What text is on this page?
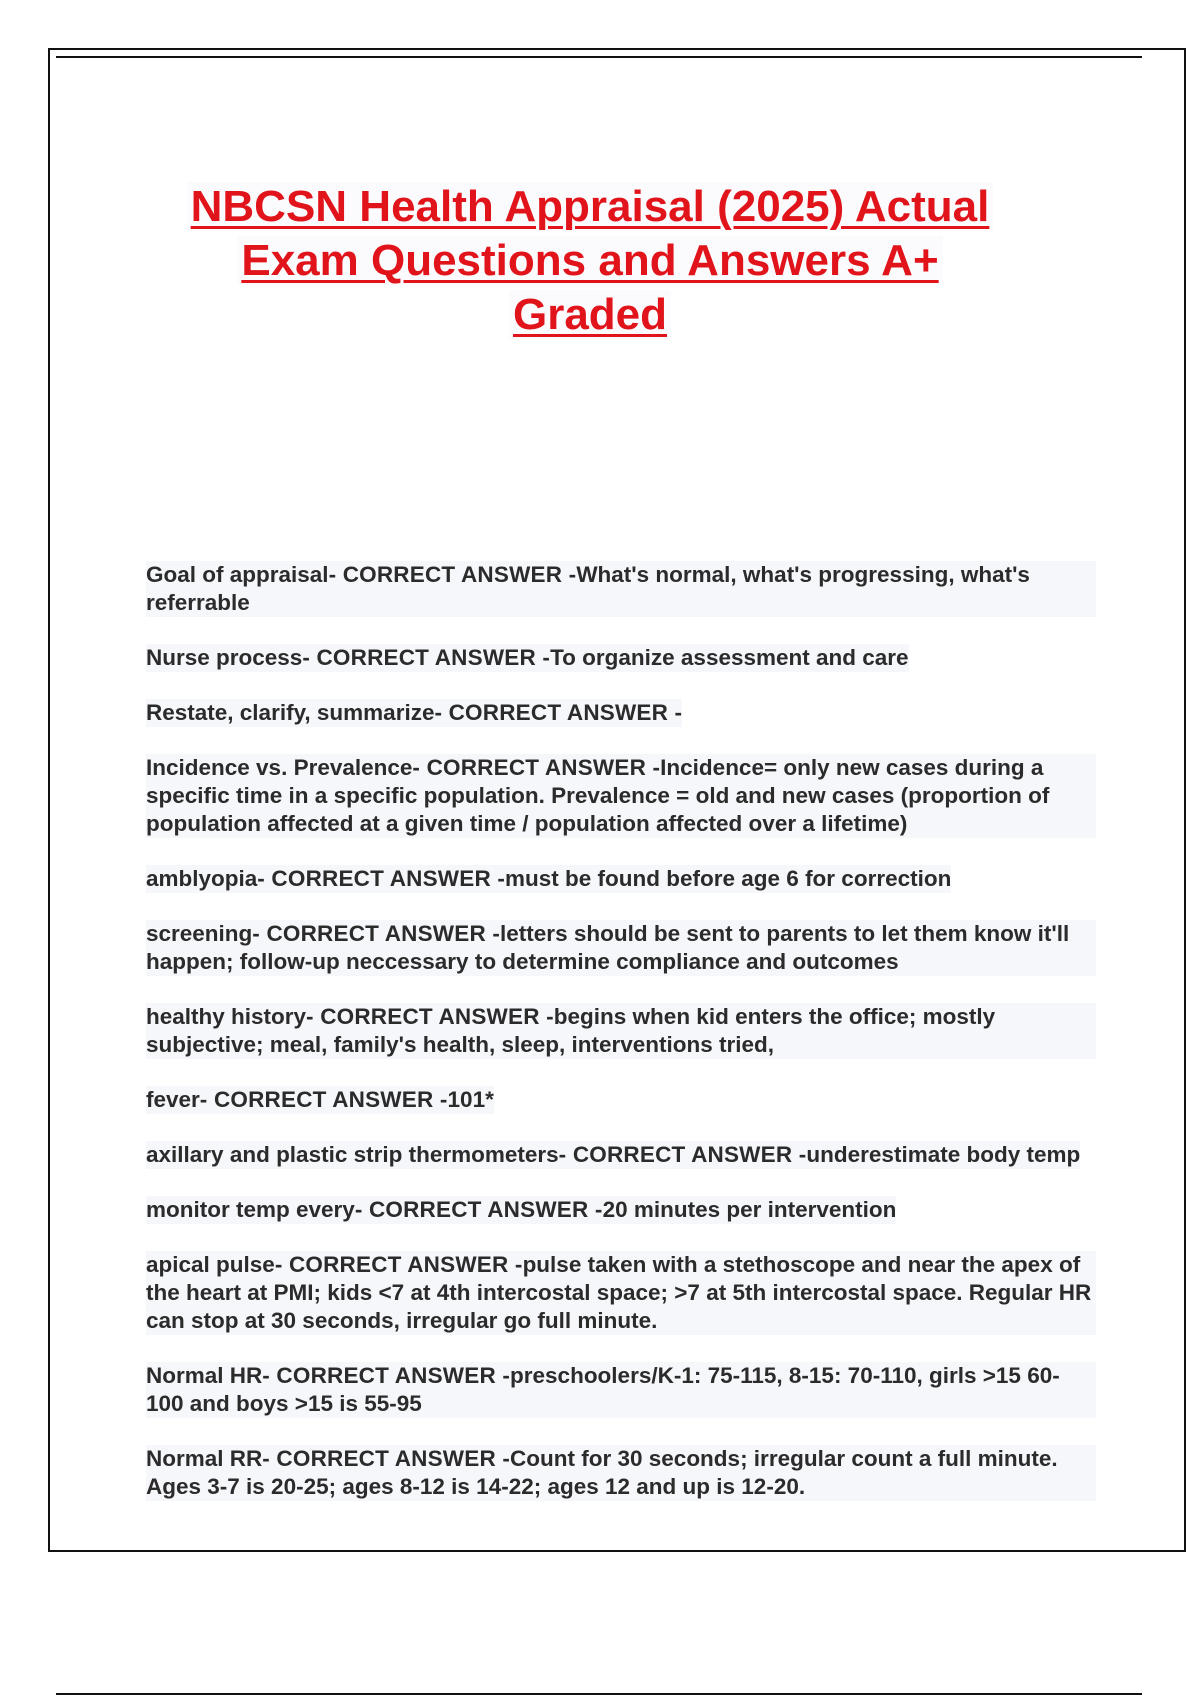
NBCSN Health Appraisal (2025) Actual
Exam Questions and Answers A+
Graded
Goal of appraisal- CORRECT ANSWER -What's normal, what's progressing, what's referrable
Nurse process- CORRECT ANSWER -To organize assessment and care
Restate, clarify, summarize- CORRECT ANSWER -
Incidence vs. Prevalence- CORRECT ANSWER -Incidence= only new cases during a specific time in a specific population. Prevalence = old and new cases (proportion of population affected at a given time / population affected over a lifetime)
amblyopia- CORRECT ANSWER -must be found before age 6 for correction
screening- CORRECT ANSWER -letters should be sent to parents to let them know it'll happen; follow-up neccessary to determine compliance and outcomes
healthy history- CORRECT ANSWER -begins when kid enters the office; mostly subjective; meal, family's health, sleep, interventions tried,
fever- CORRECT ANSWER -101*
axillary and plastic strip thermometers- CORRECT ANSWER -underestimate body temp
monitor temp every- CORRECT ANSWER -20 minutes per intervention
apical pulse- CORRECT ANSWER -pulse taken with a stethoscope and near the apex of the heart at PMI; kids <7 at 4th intercostal space; >7 at 5th intercostal space. Regular HR can stop at 30 seconds, irregular go full minute.
Normal HR- CORRECT ANSWER -preschoolers/K-1: 75-115, 8-15: 70-110, girls >15 60-100 and boys >15 is 55-95
Normal RR- CORRECT ANSWER -Count for 30 seconds; irregular count a full minute. Ages 3-7 is 20-25; ages 8-12 is 14-22; ages 12 and up is 12-20.
